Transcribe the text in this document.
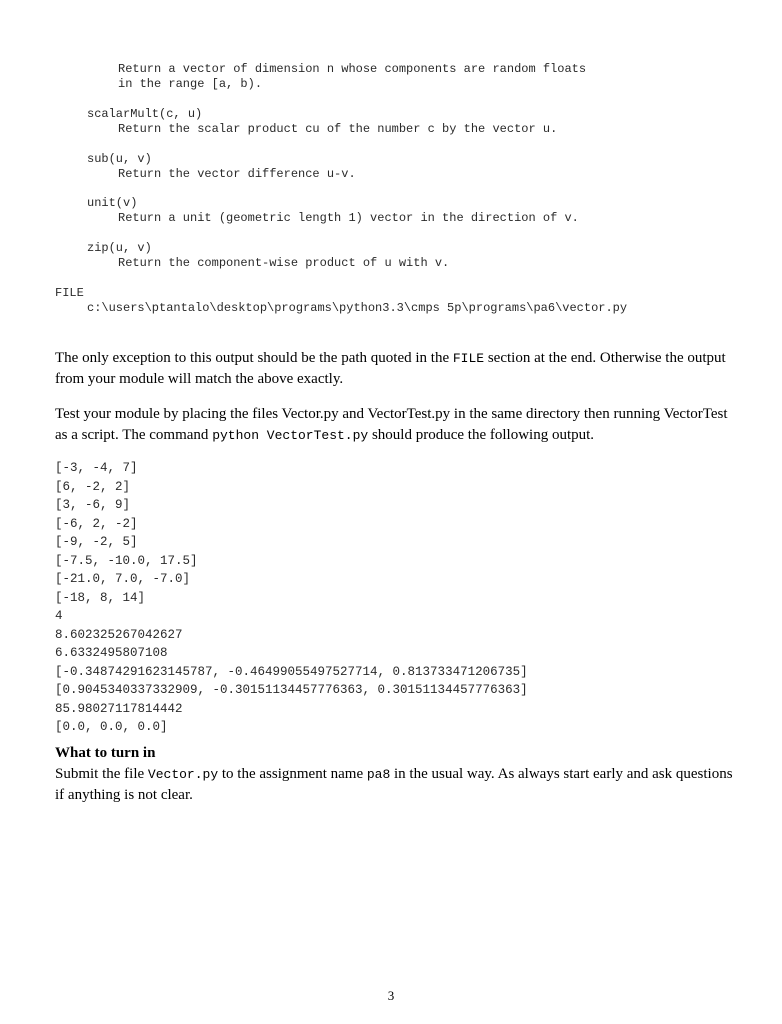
Return a vector of dimension n whose components are random floats
in the range [a, b).
scalarMult(c, u)
Return the scalar product cu of the number c by the vector u.
sub(u, v)
Return the vector difference u-v.
unit(v)
Return a unit (geometric length 1) vector in the direction of v.
zip(u, v)
Return the component-wise product of u with v.
FILE
c:\users\ptantalo\desktop\programs\python3.3\cmps 5p\programs\pa6\vector.py
The only exception to this output should be the path quoted in the FILE section at the end. Otherwise the output from your module will match the above exactly.
Test your module by placing the files Vector.py and VectorTest.py in the same directory then running VectorTest as a script. The command python VectorTest.py should produce the following output.
[-3, -4, 7]
[6, -2, 2]
[3, -6, 9]
[-6, 2, -2]
[-9, -2, 5]
[-7.5, -10.0, 17.5]
[-21.0, 7.0, -7.0]
[-18, 8, 14]
4
8.602325267042627
6.6332495807108
[-0.34874291623145787, -0.46499055497527714, 0.813733471206735]
[0.9045340337332909, -0.30151134457776363, 0.30151134457776363]
85.98027117814442
[0.0, 0.0, 0.0]
What to turn in
Submit the file Vector.py to the assignment name pa8 in the usual way. As always start early and ask questions if anything is not clear.
3
